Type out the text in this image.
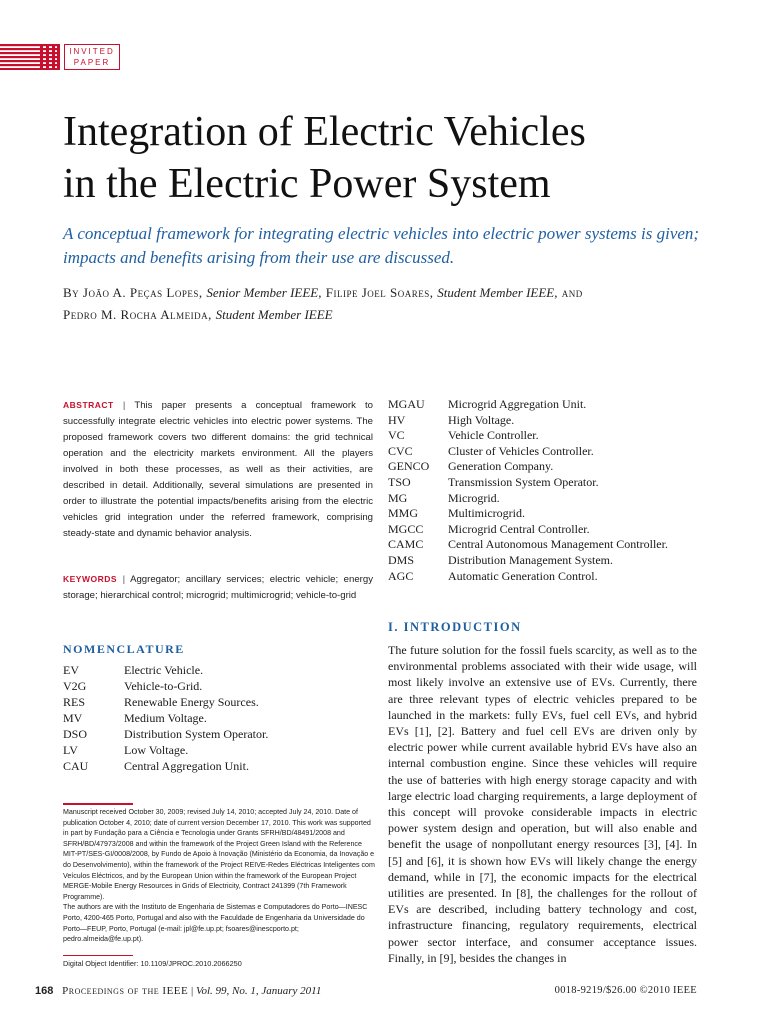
INVITED
PAPER
Integration of Electric Vehicles
in the Electric Power System

A conceptual framework for integrating electric vehicles into electric power systems is given; impacts and benefits arising from their use are discussed.

By João A. Peças Lopes, Senior Member IEEE, Filipe Joel Soares, Student Member IEEE, and
Pedro M. Rocha Almeida, Student Member IEEE

ABSTRACT | This paper presents a conceptual framework to successfully integrate electric vehicles into electric power systems. The proposed framework covers two different domains: the grid technical operation and the electricity markets environment. All the players involved in both these processes, as well as their activities, are described in detail. Additionally, several simulations are presented in order to illustrate the potential impacts/benefits arising from the electric vehicles grid integration under the referred framework, comprising steady-state and dynamic behavior analysis.

KEYWORDS | Aggregator; ancillary services; electric vehicle; energy storage; hierarchical control; microgrid; multimicrogrid; vehicle-to-grid

NOMENCLATURE
EV	Electric Vehicle.
V2G	Vehicle-to-Grid.
RES	Renewable Energy Sources.
MV	Medium Voltage.
DSO	Distribution System Operator.
LV	Low Voltage.
CAU	Central Aggregation Unit.
Manuscript received October 30, 2009; revised July 14, 2010; accepted July 24, 2010. Date of publication October 4, 2010; date of current version December 17, 2010. This work was supported in part by Fundação para a Ciência e Tecnologia under Grants SFRH/BD/48491/2008 and SFRH/BD/47973/2008 and within the framework of the Project Green Island with the Reference MIT-PT/SES-GI/0008/2008, by Fundo de Apoio à Inovação (Ministério da Economia, da Inovação e do Desenvolvimento), within the framework of the Project REIVE-Redes Eléctricas Inteligentes com Veículos Eléctricos, and by the European Union within the framework of the European Project MERGE-Mobile Energy Resources in Grids of Electricity, Contract 241399 (7th Framework Programme).
The authors are with the Instituto de Engenharia de Sistemas e Computadores do Porto—INESC Porto, 4200-465 Porto, Portugal and also with the Faculdade de Engenharia da Universidade do Porto—FEUP, Porto, Portugal (e-mail: jpl@fe.up.pt; fsoares@inescporto.pt; pedro.almeida@fe.up.pt).
Digital Object Identifier: 10.1109/JPROC.2010.2066250
MGAU	Microgrid Aggregation Unit.
HV	High Voltage.
VC	Vehicle Controller.
CVC	Cluster of Vehicles Controller.
GENCO	Generation Company.
TSO	Transmission System Operator.
MG	Microgrid.
MMG	Multimicrogrid.
MGCC	Microgrid Central Controller.
CAMC	Central Autonomous Management Controller.
DMS	Distribution Management System.
AGC	Automatic Generation Control.
I. INTRODUCTION

The future solution for the fossil fuels scarcity, as well as to the environmental problems associated with their wide usage, will most likely involve an extensive use of EVs. Currently, there are three relevant types of electric vehicles prepared to be launched in the markets: fully EVs, fuel cell EVs, and hybrid EVs [1], [2]. Battery and fuel cell EVs are driven only by electric power while current available hybrid EVs have also an internal combustion engine. Since these vehicles will require the use of batteries with high energy storage capacity and with large electric load charging requirements, a large deployment of this concept will provoke considerable impacts in electric power system design and operation, but will also enable and benefit the usage of nonpollutant energy resources [3], [4]. In [5] and [6], it is shown how EVs will likely change the energy demand, while in [7], the economic impacts for the electrical utilities are presented. In [8], the challenges for the rollout of EVs are described, including battery technology and cost, infrastructure financing, regulatory requirements, electrical power sector interface, and consumer acceptance issues. Finally, in [9], besides the changes in

168 Proceedings of the IEEE | Vol. 99, No. 1, January 2011	0018-9219/$26.00 ©2010 IEEE
